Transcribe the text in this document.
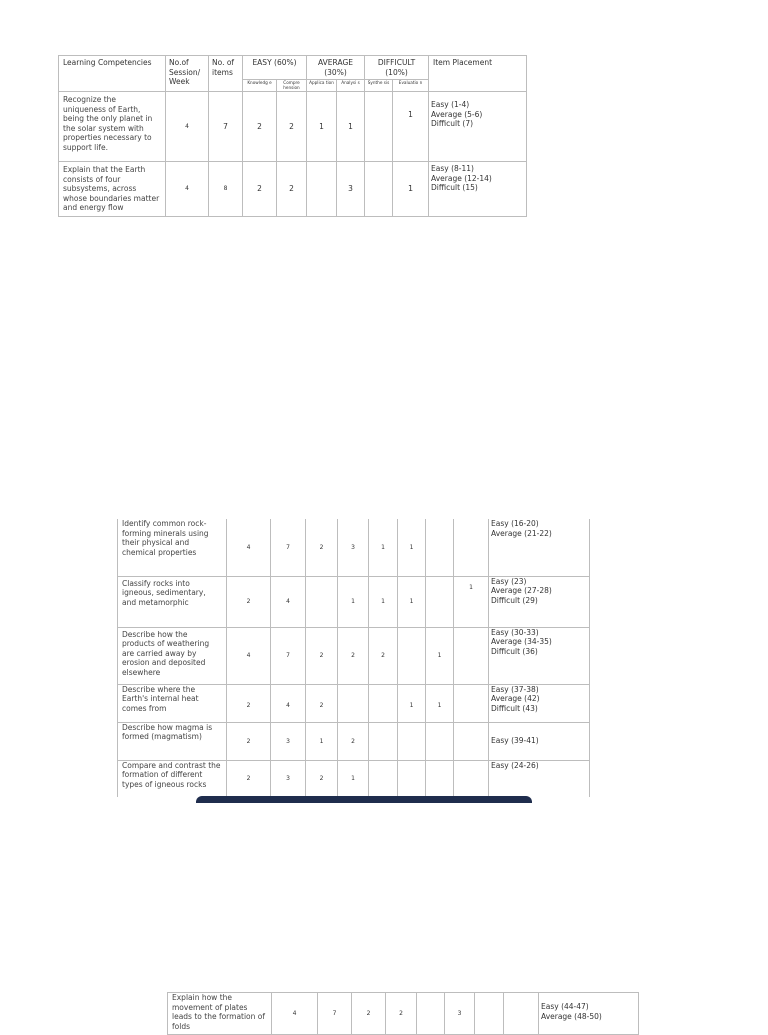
Learning Competencies	No.of Session/ Week	No. of items	EASY (60%)		AVERAGE (30%)		DIFFICULT (10%)		Item Placement
			Knowledg e	Compre hension	Applica tion	Analysi s	Synthe sis	Evaluatio n	
Recognize the uniqueness of Earth, being the only planet in the solar system with properties necessary to support life.	4	7	2	2	1	1		1	Easy (1-4)
Average (5-6)
Difficult (7)

Explain that the Earth consists of four subsystems, across whose boundaries matter and energy flow	4	8	2	2		3		1	Easy (8-11)
Average (12-14)
Difficult (15)
Identify common rock-forming minerals using their physical and chemical properties	4	7	2	3	1	1			Easy (16-20)
Average (21-22)

Classify rocks into igneous, sedimentary, and metamorphic	2	4		1	1	1		1	Easy (23)
Average (27-28)
Difficult (29)

Describe how the products of weathering are carried away by erosion and deposited elsewhere	4	7	2	2	2		1		Easy (30-33)
Average (34-35)
Difficult (36)

Describe where the Earth's internal heat comes from	2	4	2			1	1		Easy (37-38)
Average (42)
Difficult (43)

Describe how magma is formed (magmatism)	2	3	1	2					Easy (39-41)

Compare and contrast the formation of different types of igneous rocks	2	3	2	1					Easy (24-26)
Explain how the movement of plates leads to the formation of folds	4	7	2	2		3			
Easy (44-47)
Average (48-50)
